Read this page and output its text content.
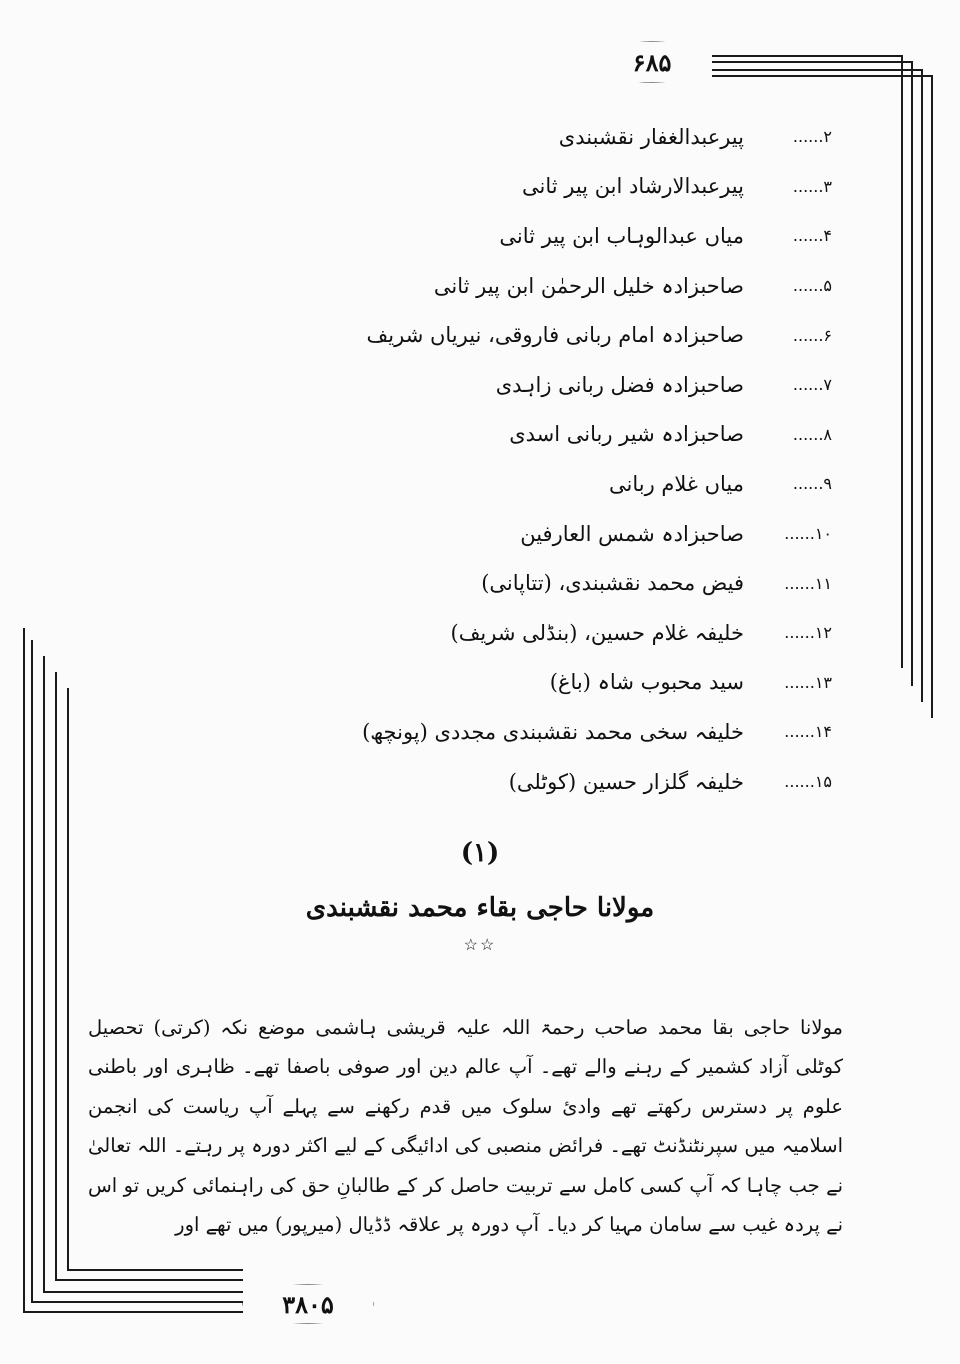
۶۸۵
۲......
پیرعبدالغفار نقشبندی
۳......
پیرعبدالارشاد ابن پیر ثانی
۴......
میاں عبدالوہاب ابن پیر ثانی
۵......
صاحبزادہ خلیل الرحمٰن ابن پیر ثانی
۶......
صاحبزادہ امام ربانی فاروقی، نیریاں شریف
۷......
صاحبزادہ فضل ربانی زاہدی
۸......
صاحبزادہ شیر ربانی اسدی
۹......
میاں غلام ربانی
۱۰......
صاحبزادہ شمس العارفین
۱۱......
فیض محمد نقشبندی، (تتاپانی)
۱۲......
خلیفہ غلام حسین، (بنڈلی شریف)
۱۳......
سید محبوب شاہ (باغ)
۱۴......
خلیفہ سخی محمد نقشبندی مجددی (پونچھ)
۱۵......
خلیفہ گلزار حسین (کوٹلی)
(۱)
مولانا حاجی بقاء محمد نقشبندی
☆☆

مولانا حاجی بقا محمد صاحب رحمۃ اللہ علیہ قریشی ہاشمی موضع نکہ (کرتی) تحصیل کوٹلی آزاد کشمیر کے رہنے والے تھے۔ آپ عالم دین اور صوفی باصفا تھے۔ ظاہری اور باطنی علوم پر دسترس رکھتے تھے وادیٔ سلوک میں قدم رکھنے سے پہلے آپ ریاست کی انجمن اسلامیہ میں سپرنٹنڈنٹ تھے۔ فرائض منصبی کی ادائیگی کے لیے اکثر دورہ پر رہتے۔ اللہ تعالیٰ نے جب چاہا کہ آپ کسی کامل سے تربیت حاصل کر کے طالبانِ حق کی راہنمائی کریں تو اس نے پردہ غیب سے سامان مہیا کر دیا۔ آپ دورہ پر علاقہ ڈڈیال (میرپور) میں تھے اور

۳۸۰۵
